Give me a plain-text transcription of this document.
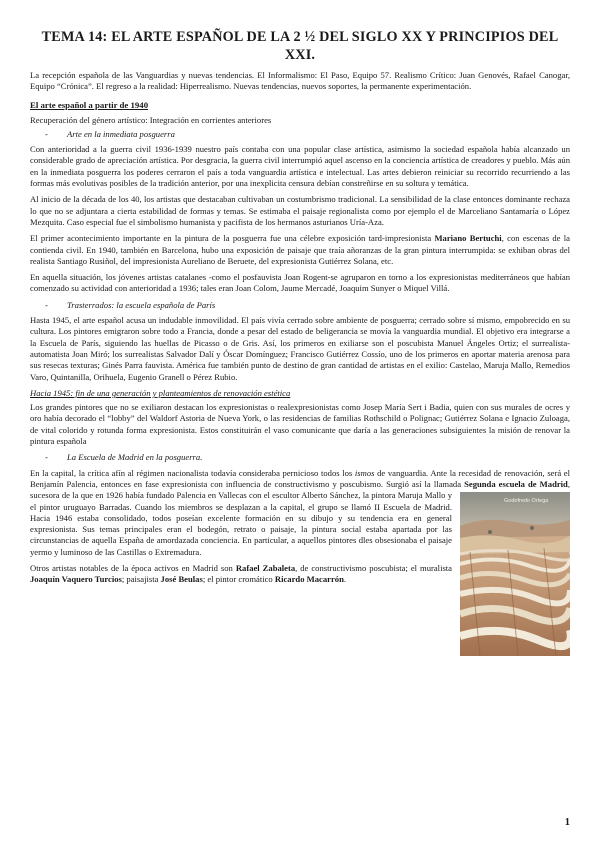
TEMA 14: EL ARTE ESPAÑOL DE LA 2 ½ DEL SIGLO XX Y PRINCIPIOS DEL XXI.

La recepción española de las Vanguardias y nuevas tendencias. El Informalismo: El Paso, Equipo 57. Realismo Crítico: Juan Genovés, Rafael Canogar, Equipo “Crónica”. El regreso a la realidad: Hiperrealismo. Nuevas tendencias, nuevos soportes, la permanente experimentación.

El arte español a partir de 1940

Recuperación del género artístico: Integración en corrientes anteriores

-	Arte en la inmediata posguerra

Con anterioridad a la guerra civil 1936-1939 nuestro país contaba con una popular clase artística, asimismo la sociedad española había alcanzado un considerable grado de apreciación artística. Por desgracia, la guerra civil interrumpió aquel ascenso en la conciencia artística de creadores y pueblo. Más aún en la inmediata posguerra los poderes cerraron el país a toda vanguardia artística e intelectual. Las artes debieron reiniciar su recorrido recurriendo a las formas más evolutivas posibles de la tradición anterior, por una inexplicita censura debían constreñirse en su soltura y temática.

Al inicio de la década de los 40, los artistas que destacaban cultivaban un costumbrismo tradicional. La sensibilidad de la clase entonces dominante rechaza lo que no se adjuntara a cierta estabilidad de formas y temas. Se estimaba el paisaje regionalista como por ejemplo el de Marceliano Santamaría o López Mezquita. Caso especial fue el simbolismo humanista y pacifista de los hermanos asturianos Uría-Aza.

El primer acontecimiento importante en la pintura de la posguerra fue una célebre exposición tard-impresionista Mariano Bertuchi, con escenas de la contienda civil. En 1940, también en Barcelona, hubo una exposición de paisaje que traía añoranzas de la gran pintura interrumpida: se exhiban obras del realista Santiago Rusiñol, del impresionista Aureliano de Beruete, del expresionista Gutiérrez Solana, etc.

En aquella situación, los jóvenes artistas catalanes -como el posfauvista Joan Rogent-se agruparon en torno a los expresionistas mediterráneos que habían comenzado su actividad con anterioridad a 1936; tales eran Joan Colom, Jaume Mercadé, Joaquim Sunyer o Miquel Villá.

-	Trasterrados: la escuela española de París

Hasta 1945, el arte español acusa un indudable inmovilidad. El país vivía cerrado sobre ambiente de posguerra; cerrado sobre sí mismo, empobrecido en su cultura. Los pintores emigraron sobre todo a Francia, donde a pesar del estado de beligerancia se movía la vanguardia mundial. El objetivo era integrarse a la Escuela de París, siguiendo las huellas de Picasso o de Gris. Así, los primeros en exiliarse son el poscubista Manuel Ángeles Ortiz; el surrealista-automatista Joan Miró; los surrealistas Salvador Dalí y Óscar Domínguez; Francisco Gutiérrez Cossío, uno de los primeros en aportar materia arenosa para sus resecas texturas; Ginés Parra fauvista. América fue también punto de destino de gran cantidad de artistas en el exilio: Castelao, Maruja Mallo, Remedios Varo, Quintanilla, Orihuela, Eugenio Granell o Pérez Rubio.

Hacia 1945: fin de una generación y planteamientos de renovación estética

Los grandes pintores que no se exiliaron destacan los expresionistas o realexpresionistas como Josep María Sert i Badia, quien con sus murales de ocres y oro había decorado el “lobby” del Waldorf Astoria de Nueva York, o las residencias de familias Rothschild o Polignac; Gutiérrez Solana e Ignacio Zuloaga, de vital colorido y rotunda forma expresionista. Estos constituirán el vaso comunicante que daría a las generaciones subsiguientes la misión de renovar la pintura española

-	La Escuela de Madrid en la posguerra.

En la capital, la crítica afín al régimen nacionalista todavía consideraba pernicioso todos los ismos de vanguardia. Ante la recesidad de renovación, será el Benjamín Palencia, entonces en fase expresionista con influencia de constructivismo y poscubismo. Surgió así la llamada Segunda escuela de Madrid
Godofredo Ortega
, sucesora de la que en 1926 había fundado Palencia en Vallecas con el escultor Alberto Sánchez, la pintora Maruja Mallo y el pintor uruguayo Barradas. Cuando los miembros se desplazan a la capital, el grupo se llamó II Escuela de Madrid. Hacia 1946 estaba consolidado, todos poseían excelente formación en su dibujo y su tendencia era en general expresionista. Sus temas principales eran el bodegón, retrato o paisaje, la pintura social estaba apartada por las circunstancias de aquella España de amordazada conciencia. En particular, a aquellos pintores dles obsesionaba el paisaje yermo y luminoso de las Castillas o Extremadura.

Otros artistas notables de la época activos en Madrid son Rafael Zabaleta, de constructivismo poscubista; el muralista Joaquín Vaquero Turcios; paisajista José Beulas; el pintor cromático Ricardo Macarrón.

1
